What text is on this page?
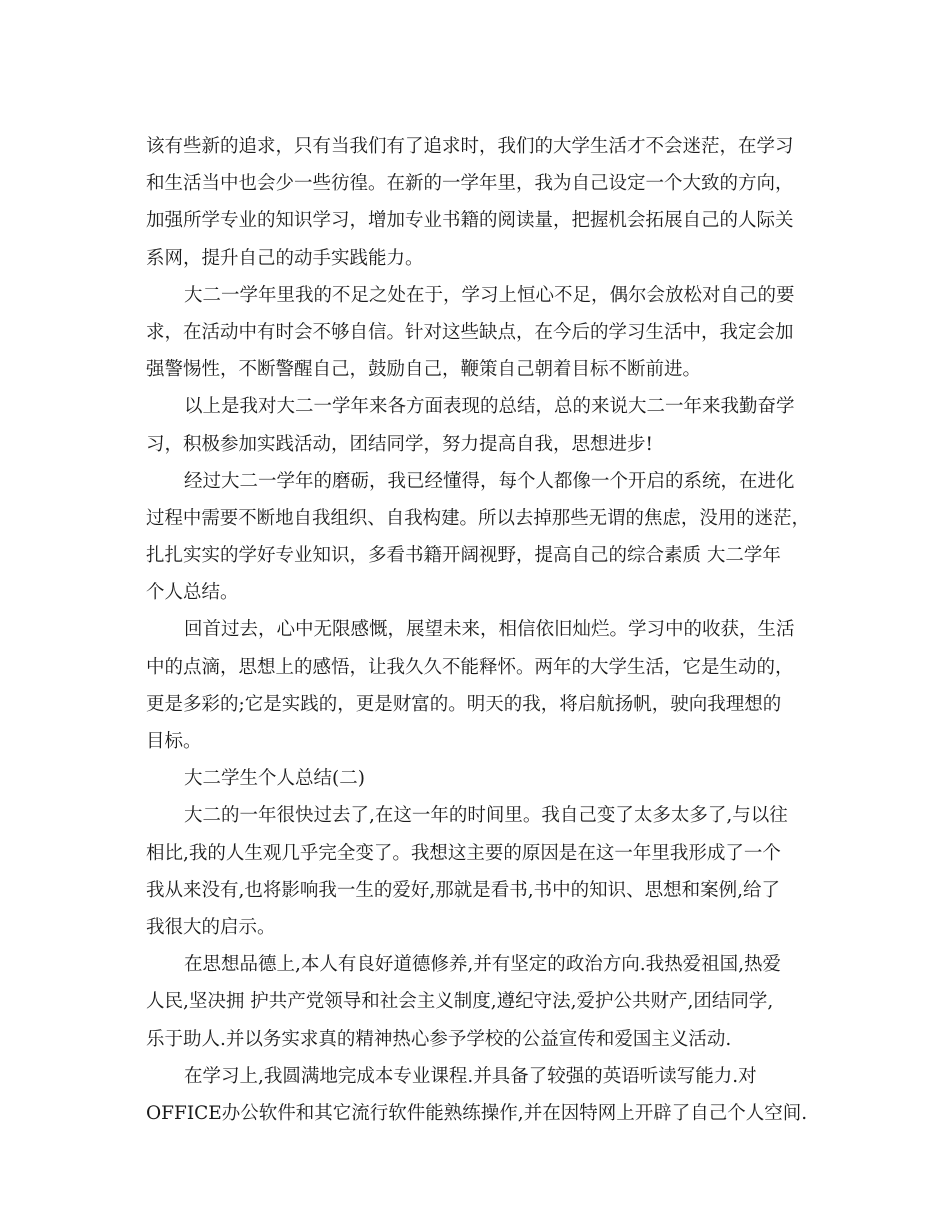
该有些新的追求，只有当我们有了追求时，我们的大学生活才不会迷茫，在学习
和生活当中也会少一些彷徨。在新的一学年里，我为自己设定一个大致的方向，
加强所学专业的知识学习，增加专业书籍的阅读量，把握机会拓展自己的人际关
系网，提升自己的动手实践能力。
大二一学年里我的不足之处在于，学习上恒心不足，偶尔会放松对自己的要
求，在活动中有时会不够自信。针对这些缺点，在今后的学习生活中，我定会加
强警惕性，不断警醒自己，鼓励自己，鞭策自己朝着目标不断前进。
以上是我对大二一学年来各方面表现的总结，总的来说大二一年来我勤奋学
习，积极参加实践活动，团结同学，努力提高自我，思想进步!
经过大二一学年的磨砺，我已经懂得，每个人都像一个开启的系统，在进化
过程中需要不断地自我组织、自我构建。所以去掉那些无谓的焦虑，没用的迷茫，
扎扎实实的学好专业知识，多看书籍开阔视野，提高自己的综合素质 大二学年
个人总结。
回首过去，心中无限感慨，展望未来，相信依旧灿烂。学习中的收获，生活
中的点滴，思想上的感悟，让我久久不能释怀。两年的大学生活，它是生动的，
更是多彩的;它是实践的，更是财富的。明天的我，将启航扬帆，驶向我理想的
目标。
大二学生个人总结(二)
大二的一年很快过去了,在这一年的时间里。我自己变了太多太多了,与以往
相比,我的人生观几乎完全变了。我想这主要的原因是在这一年里我形成了一个
我从来没有,也将影响我一生的爱好,那就是看书,书中的知识、思想和案例,给了
我很大的启示。
在思想品德上,本人有良好道德修养,并有坚定的政治方向.我热爱祖国,热爱
人民,坚决拥 护共产党领导和社会主义制度,遵纪守法,爱护公共财产,团结同学,
乐于助人.并以务实求真的精神热心参予学校的公益宣传和爱国主义活动.
在学习上,我圆满地完成本专业课程.并具备了较强的英语听读写能力.对
OFFICE办公软件和其它流行软件能熟练操作,并在因特网上开辟了自己个人空间.
